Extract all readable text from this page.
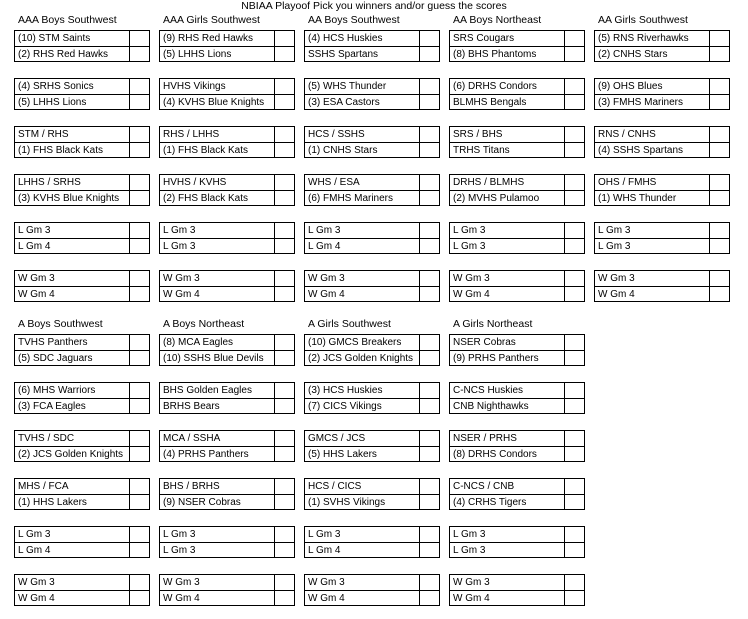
NBIAA Playoof Pick you winners and/or guess the scores
AAA Boys Southwest
(10) STM Saints
(2) RHS Red Hawks
(4) SRHS Sonics
(5) LHHS Lions
STM / RHS
(1) FHS Black Kats
LHHS / SRHS
(3) KVHS Blue Knights
L Gm 3
L Gm 4
W Gm 3
W Gm 4
AAA Girls Southwest
(9) RHS Red Hawks
(5) LHHS Lions
HVHS Vikings
(4) KVHS Blue Knights
RHS / LHHS
(1) FHS Black Kats
HVHS / KVHS
(2) FHS Black Kats
L Gm 3
L Gm 3
W Gm 3
W Gm 4
AA Boys Southwest
(4) HCS Huskies
SSHS Spartans
(5) WHS Thunder
(3) ESA Castors
HCS / SSHS
(1) CNHS Stars
WHS / ESA
(6) FMHS Mariners
L Gm 3
L Gm 4
W Gm 3
W Gm 4
AA Boys Northeast
SRS Cougars
(8) BHS Phantoms
(6) DRHS Condors
BLMHS Bengals
SRS / BHS
TRHS Titans
DRHS / BLMHS
(2) MVHS Pulamoo
L Gm 3
L Gm 3
W Gm 3
W Gm 4
AA Girls Southwest
(5) RNS Riverhawks
(2) CNHS Stars
(9) OHS Blues
(3) FMHS Mariners
RNS / CNHS
(4) SSHS Spartans
OHS / FMHS
(1) WHS Thunder
L Gm 3
L Gm 3
W Gm 3
W Gm 4
A Boys Southwest
TVHS Panthers
(5) SDC Jaguars
(6) MHS Warriors
(3) FCA Eagles
TVHS / SDC
(2) JCS Golden Knights
MHS / FCA
(1) HHS Lakers
L Gm 3
L Gm 4
W Gm 3
W Gm 4
A Boys Northeast
(8) MCA Eagles
(10) SSHS Blue Devils
BHS Golden Eagles
BRHS Bears
MCA / SSHA
(4) PRHS Panthers
BHS / BRHS
(9) NSER Cobras
L Gm 3
L Gm 3
W Gm 3
W Gm 4
A Girls Southwest
(10) GMCS Breakers
(2) JCS Golden Knights
(3) HCS Huskies
(7) CICS Vikings
GMCS / JCS
(5) HHS Lakers
HCS / CICS
(1) SVHS Vikings
L Gm 3
L Gm 4
W Gm 3
W Gm 4
A Girls Northeast
NSER Cobras
(9) PRHS Panthers
C-NCS Huskies
CNB Nighthawks
NSER / PRHS
(8) DRHS Condors
C-NCS / CNB
(4) CRHS Tigers
L Gm 3
L Gm 3
W Gm 3
W Gm 4
